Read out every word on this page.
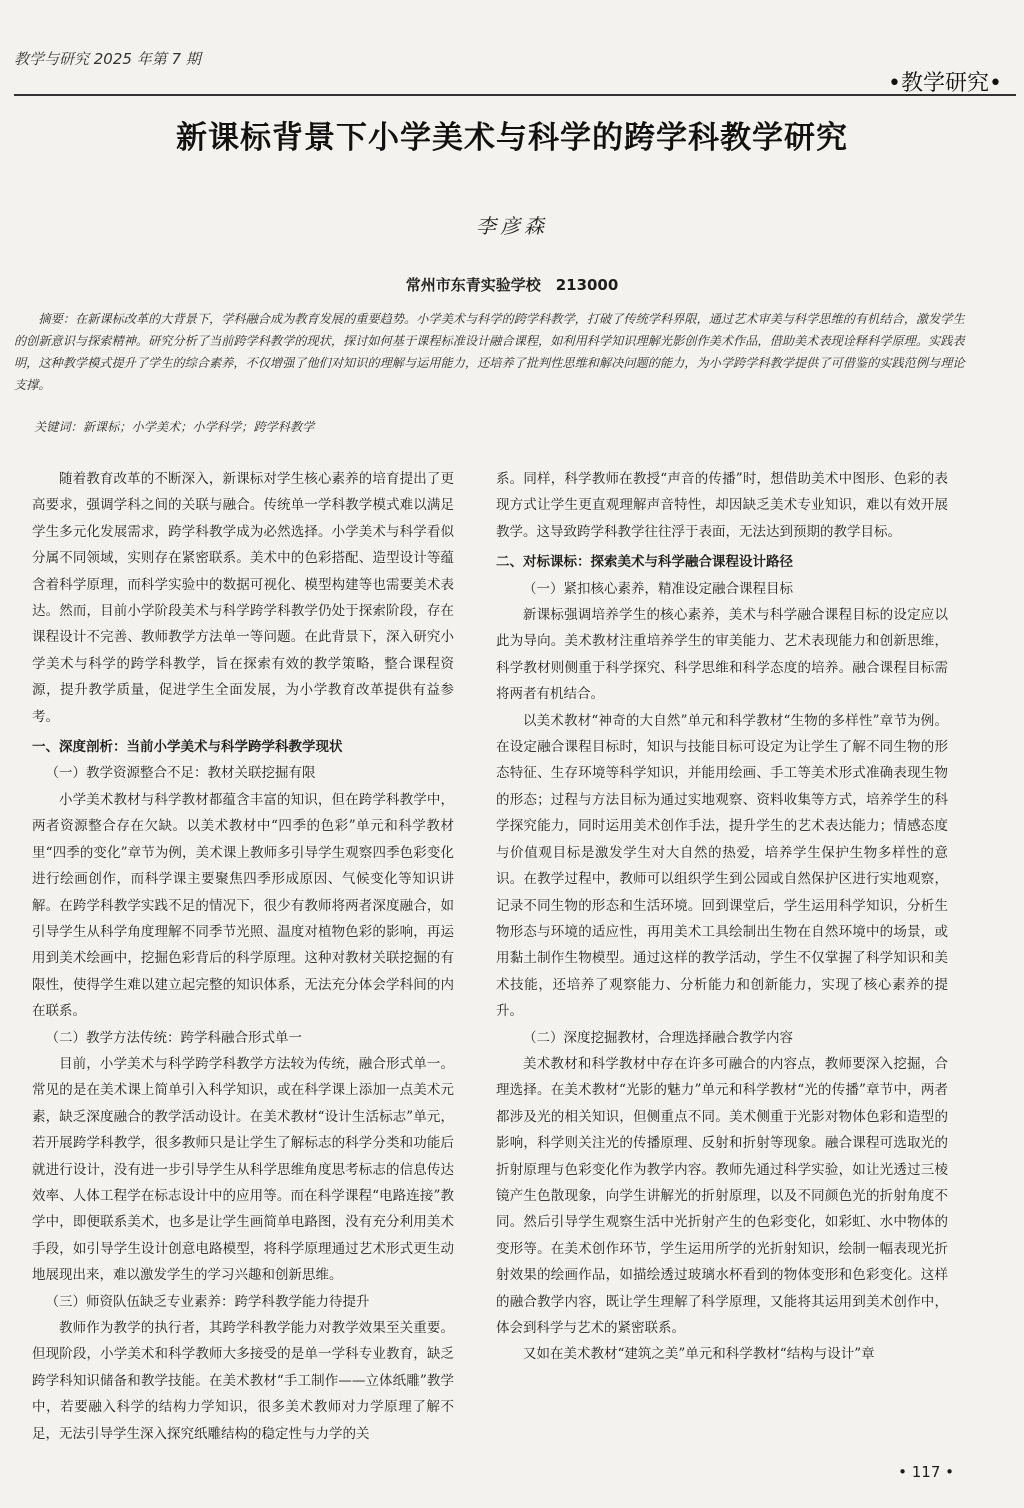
教学与研究 2025 年第 7 期
•教学研究•
新课标背景下小学美术与科学的跨学科教学研究
李彦森
常州市东青实验学校　213000
摘要：在新课标改革的大背景下，学科融合成为教育发展的重要趋势。小学美术与科学的跨学科教学，打破了传统学科界限，通过艺术审美与科学思维的有机结合，激发学生的创新意识与探索精神。研究分析了当前跨学科教学的现状，探讨如何基于课程标准设计融合课程，如利用科学知识理解光影创作美术作品，借助美术表现诠释科学原理。实践表明，这种教学模式提升了学生的综合素养，不仅增强了他们对知识的理解与运用能力，还培养了批判性思维和解决问题的能力，为小学跨学科教学提供了可借鉴的实践范例与理论支撑。
关键词：新课标；小学美术；小学科学；跨学科教学

随着教育改革的不断深入，新课标对学生核心素养的培育提出了更高要求，强调学科之间的关联与融合。传统单一学科教学模式难以满足学生多元化发展需求，跨学科教学成为必然选择。小学美术与科学看似分属不同领域，实则存在紧密联系。美术中的色彩搭配、造型设计等蕴含着科学原理，而科学实验中的数据可视化、模型构建等也需要美术表达。然而，目前小学阶段美术与科学跨学科教学仍处于探索阶段，存在课程设计不完善、教师教学方法单一等问题。在此背景下，深入研究小学美术与科学的跨学科教学，旨在探索有效的教学策略，整合课程资源，提升教学质量，促进学生全面发展，为小学教育改革提供有益参考。

一、深度剖析：当前小学美术与科学跨学科教学现状
（一）教学资源整合不足：教材关联挖掘有限

小学美术教材与科学教材都蕴含丰富的知识，但在跨学科教学中，两者资源整合存在欠缺。以美术教材中“四季的色彩”单元和科学教材里“四季的变化”章节为例，美术课上教师多引导学生观察四季色彩变化进行绘画创作，而科学课主要聚焦四季形成原因、气候变化等知识讲解。在跨学科教学实践不足的情况下，很少有教师将两者深度融合，如引导学生从科学角度理解不同季节光照、温度对植物色彩的影响，再运用到美术绘画中，挖掘色彩背后的科学原理。这种对教材关联挖掘的有限性，使得学生难以建立起完整的知识体系，无法充分体会学科间的内在联系。

（二）教学方法传统：跨学科融合形式单一

目前，小学美术与科学跨学科教学方法较为传统，融合形式单一。常见的是在美术课上简单引入科学知识，或在科学课上添加一点美术元素，缺乏深度融合的教学活动设计。在美术教材“设计生活标志”单元，若开展跨学科教学，很多教师只是让学生了解标志的科学分类和功能后就进行设计，没有进一步引导学生从科学思维角度思考标志的信息传达效率、人体工程学在标志设计中的应用等。而在科学课程“电路连接”教学中，即便联系美术，也多是让学生画简单电路图，没有充分利用美术手段，如引导学生设计创意电路模型，将科学原理通过艺术形式更生动地展现出来，难以激发学生的学习兴趣和创新思维。

（三）师资队伍缺乏专业素养：跨学科教学能力待提升

教师作为教学的执行者，其跨学科教学能力对教学效果至关重要。但现阶段，小学美术和科学教师大多接受的是单一学科专业教育，缺乏跨学科知识储备和教学技能。在美术教材“手工制作——立体纸雕”教学中，若要融入科学的结构力学知识，很多美术教师对力学原理了解不足，无法引导学生深入探究纸雕结构的稳定性与力学的关

系。同样，科学教师在教授“声音的传播”时，想借助美术中图形、色彩的表现方式让学生更直观理解声音特性，却因缺乏美术专业知识，难以有效开展教学。这导致跨学科教学往往浮于表面，无法达到预期的教学目标。

二、对标课标：探索美术与科学融合课程设计路径
（一）紧扣核心素养，精准设定融合课程目标

新课标强调培养学生的核心素养，美术与科学融合课程目标的设定应以此为导向。美术教材注重培养学生的审美能力、艺术表现能力和创新思维，科学教材则侧重于科学探究、科学思维和科学态度的培养。融合课程目标需将两者有机结合。

以美术教材“神奇的大自然”单元和科学教材“生物的多样性”章节为例。在设定融合课程目标时，知识与技能目标可设定为让学生了解不同生物的形态特征、生存环境等科学知识，并能用绘画、手工等美术形式准确表现生物的形态；过程与方法目标为通过实地观察、资料收集等方式，培养学生的科学探究能力，同时运用美术创作手法，提升学生的艺术表达能力；情感态度与价值观目标是激发学生对大自然的热爱，培养学生保护生物多样性的意识。在教学过程中，教师可以组织学生到公园或自然保护区进行实地观察，记录不同生物的形态和生活环境。回到课堂后，学生运用科学知识，分析生物形态与环境的适应性，再用美术工具绘制出生物在自然环境中的场景，或用黏土制作生物模型。通过这样的教学活动，学生不仅掌握了科学知识和美术技能，还培养了观察能力、分析能力和创新能力，实现了核心素养的提升。

（二）深度挖掘教材，合理选择融合教学内容

美术教材和科学教材中存在许多可融合的内容点，教师要深入挖掘，合理选择。在美术教材“光影的魅力”单元和科学教材“光的传播”章节中，两者都涉及光的相关知识，但侧重点不同。美术侧重于光影对物体色彩和造型的影响，科学则关注光的传播原理、反射和折射等现象。融合课程可选取光的折射原理与色彩变化作为教学内容。教师先通过科学实验，如让光透过三棱镜产生色散现象，向学生讲解光的折射原理，以及不同颜色光的折射角度不同。然后引导学生观察生活中光折射产生的色彩变化，如彩虹、水中物体的变形等。在美术创作环节，学生运用所学的光折射知识，绘制一幅表现光折射效果的绘画作品，如描绘透过玻璃水杯看到的物体变形和色彩变化。这样的融合教学内容，既让学生理解了科学原理，又能将其运用到美术创作中，体会到科学与艺术的紧密联系。

又如在美术教材“建筑之美”单元和科学教材“结构与设计”章

• 117 •
